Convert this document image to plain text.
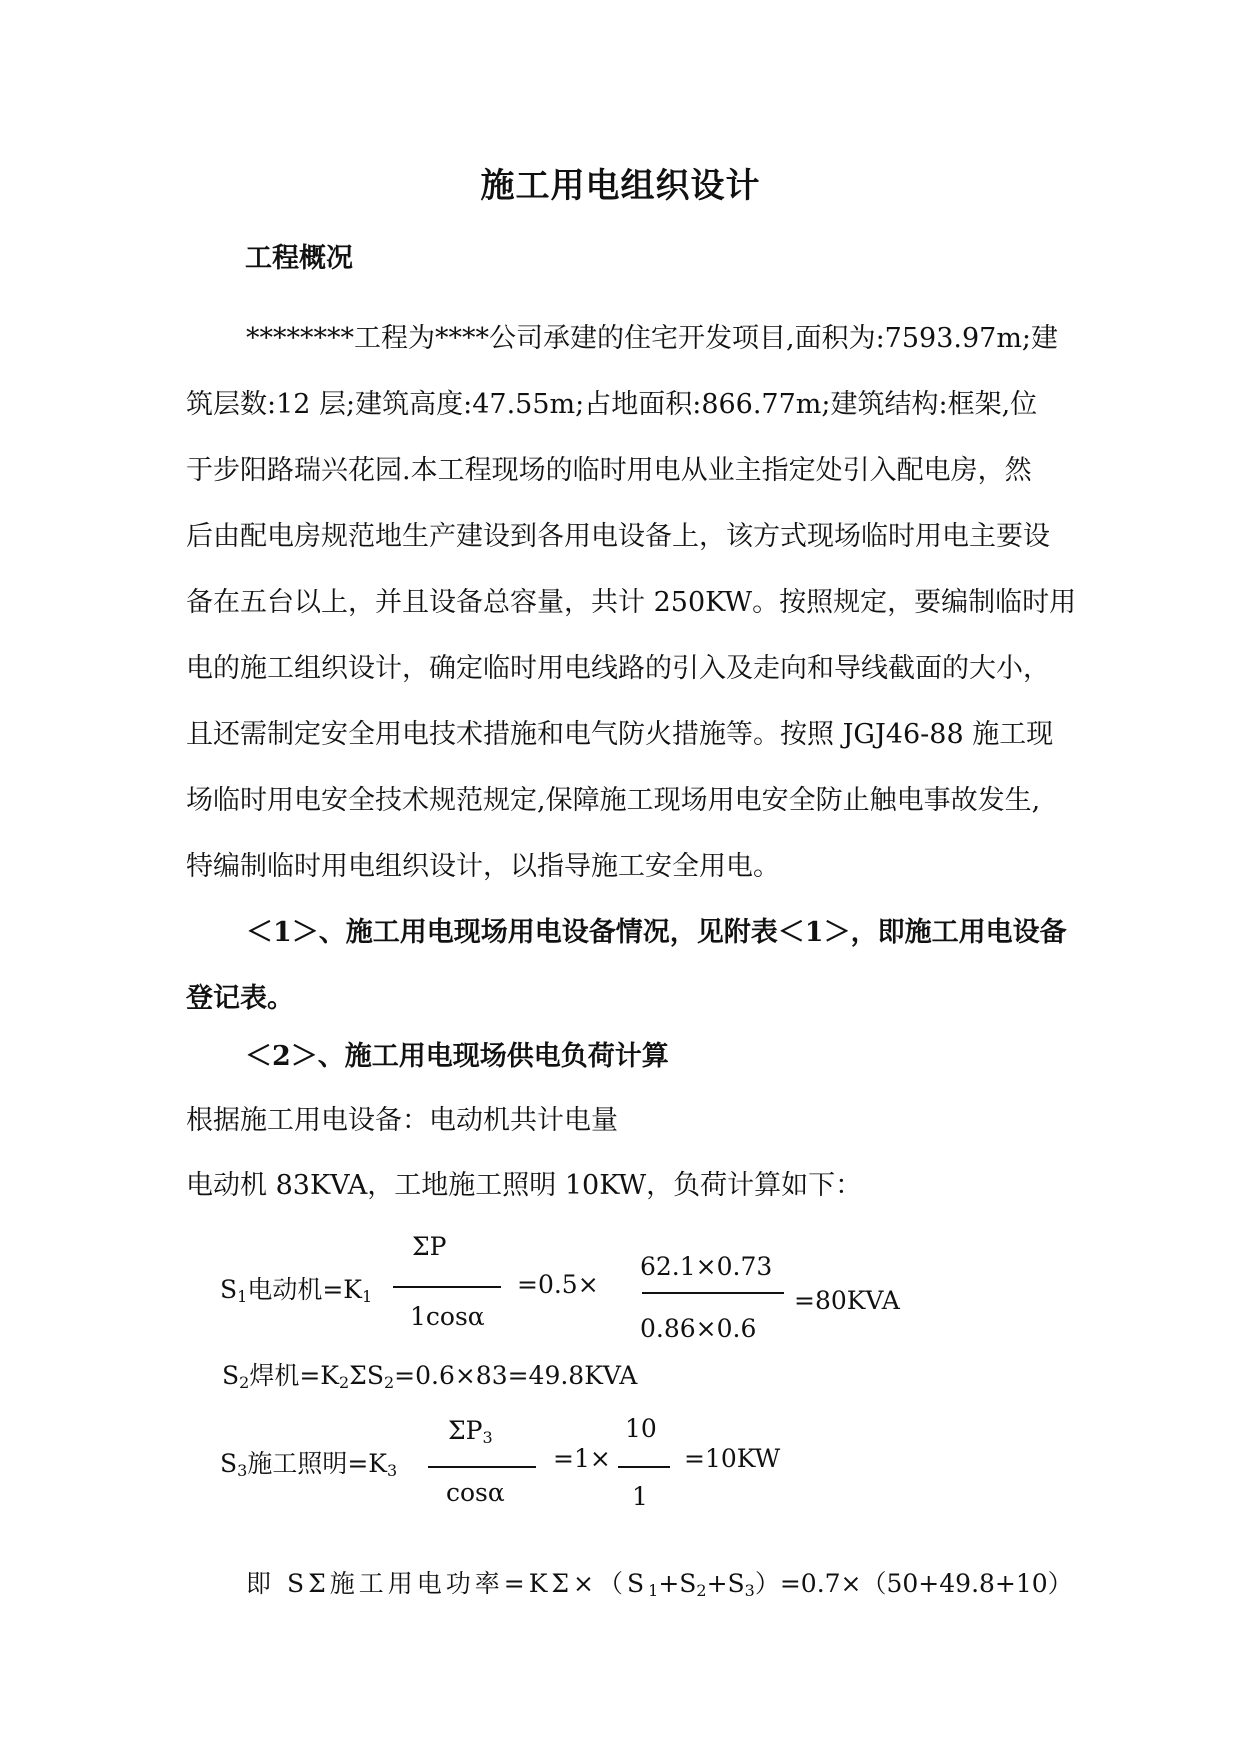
施工用电组织设计
工程概况
********工程为****公司承建的住宅开发项目,面积为:7593.97m;建
筑层数:12 层;建筑高度:47.55m;占地面积:866.77m;建筑结构:框架,位
于步阳路瑞兴花园.本工程现场的临时用电从业主指定处引入配电房，然
后由配电房规范地生产建设到各用电设备上，该方式现场临时用电主要设
备在五台以上，并且设备总容量，共计 250KW。按照规定，要编制临时用
电的施工组织设计，确定临时用电线路的引入及走向和导线截面的大小，
且还需制定安全用电技术措施和电气防火措施等。按照 JGJ46-88 施工现
场临时用电安全技术规范规定,保障施工现场用电安全防止触电事故发生,
特编制临时用电组织设计，以指导施工安全用电。
＜1＞、施工用电现场用电设备情况，见附表＜1＞，即施工用电设备
登记表。
＜2＞、施工用电现场供电负荷计算
根据施工用电设备：电动机共计电量
电动机 83KVA，工地施工照明 10KW，负荷计算如下：
$S_1$电动机$=K_1$
ΣP
1cosα
=0.5×
62.1×0.73
0.86×0.6
=80KVA
$S_2$焊机$=K_2\Sigma S_2=0.6\times 83=49.8KVA$
$S_3$施工照明$=K_3$
$\Sigma P_3$
cosα
=1×
10
1
=10KW
即 SΣ施工用电功率$=K\Sigma\times(S_1+S_2+S_3)=0.7\times(50+49.8+10)$
